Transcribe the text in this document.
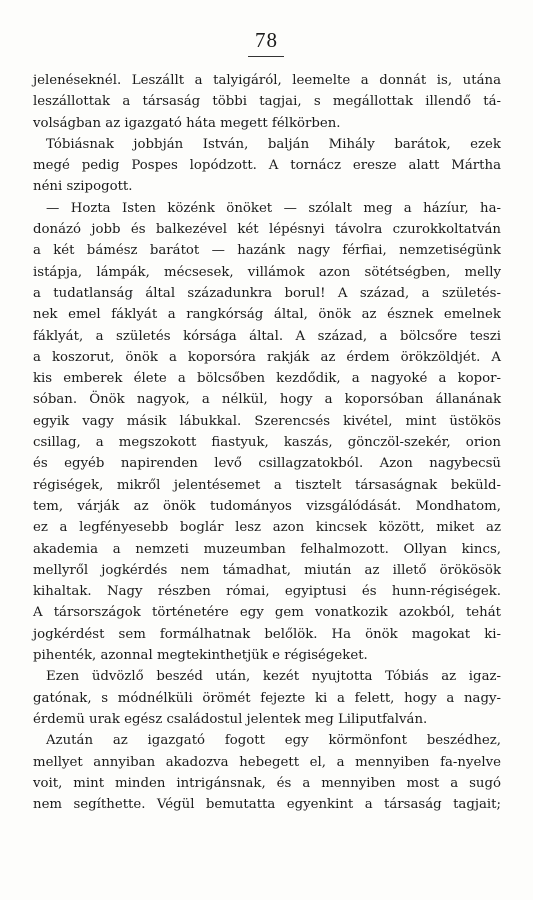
78
jelenéseknél. Leszállt a talyigáról, leemelte a donnát is, utána
leszállottak a társaság többi tagjai, s megállottak illendő tá-
volságban az igazgató háta megett félkörben.
Tóbiásnak jobbján István, balján Mihály barátok, ezek
megé pedig Pospes lopódzott. A tornácz eresze alatt Mártha
néni szipogott.
— Hozta Isten közénk önöket — szólalt meg a házíur, ha-
donázó jobb és balkezével két lépésnyi távolra czurokkoltatván
a két bámész barátot — hazánk nagy férfiai, nemzetiségünk
istápja, lámpák, mécsesek, villámok azon sötétségben, melly
a tudatlanság által századunkra borul! A század, a születés-
nek emel fáklyát a rangkórság által, önök az észnek emelnek
fáklyát, a születés kórsága által. A század, a bölcsőre teszi
a koszorut, önök a koporsóra rakják az érdem örökzöldjét. A
kis emberek élete a bölcsőben kezdődik, a nagyoké a kopor-
sóban. Önök nagyok, a nélkül, hogy a koporsóban állanának
egyik vagy másik lábukkal. Szerencsés kivétel, mint üstökös
csillag, a megszokott fiastyuk, kaszás, gönczöl-szekér, orion
és egyéb napirenden levő csillagzatokból. Azon nagybecsü
régiségek, mikről jelentésemet a tisztelt társaságnak beküld-
tem, várják az önök tudományos vizsgálódását. Mondhatom,
ez a legfényesebb boglár lesz azon kincsek között, miket az
akademia a nemzeti muzeumban felhalmozott. Ollyan kincs,
mellyről jogkérdés nem támadhat, miután az illető örökösök
kihaltak. Nagy részben római, egyiptusi és hunn-régiségek.
A társországok történetére egy gem vonatkozik azokból, tehát
jogkérdést sem formálhatnak belőlök. Ha önök magokat ki-
pihenték, azonnal megtekinthetjük e régiségeket.
Ezen üdvözlő beszéd után, kezét nyujtotta Tóbiás az igaz-
gatónak, s módnélküli örömét fejezte ki a felett, hogy a nagy-
érdemü urak egész családostul jelentek meg Liliputfalván.
Azután az igazgató fogott egy körmönfont beszédhez,
mellyet annyiban akadozva hebegett el, a mennyiben fa-nyelve
voit, mint minden intrigánsnak, és a mennyiben most a sugó
nem segíthette. Végül bemutatta egyenkint a társaság tagjait;
